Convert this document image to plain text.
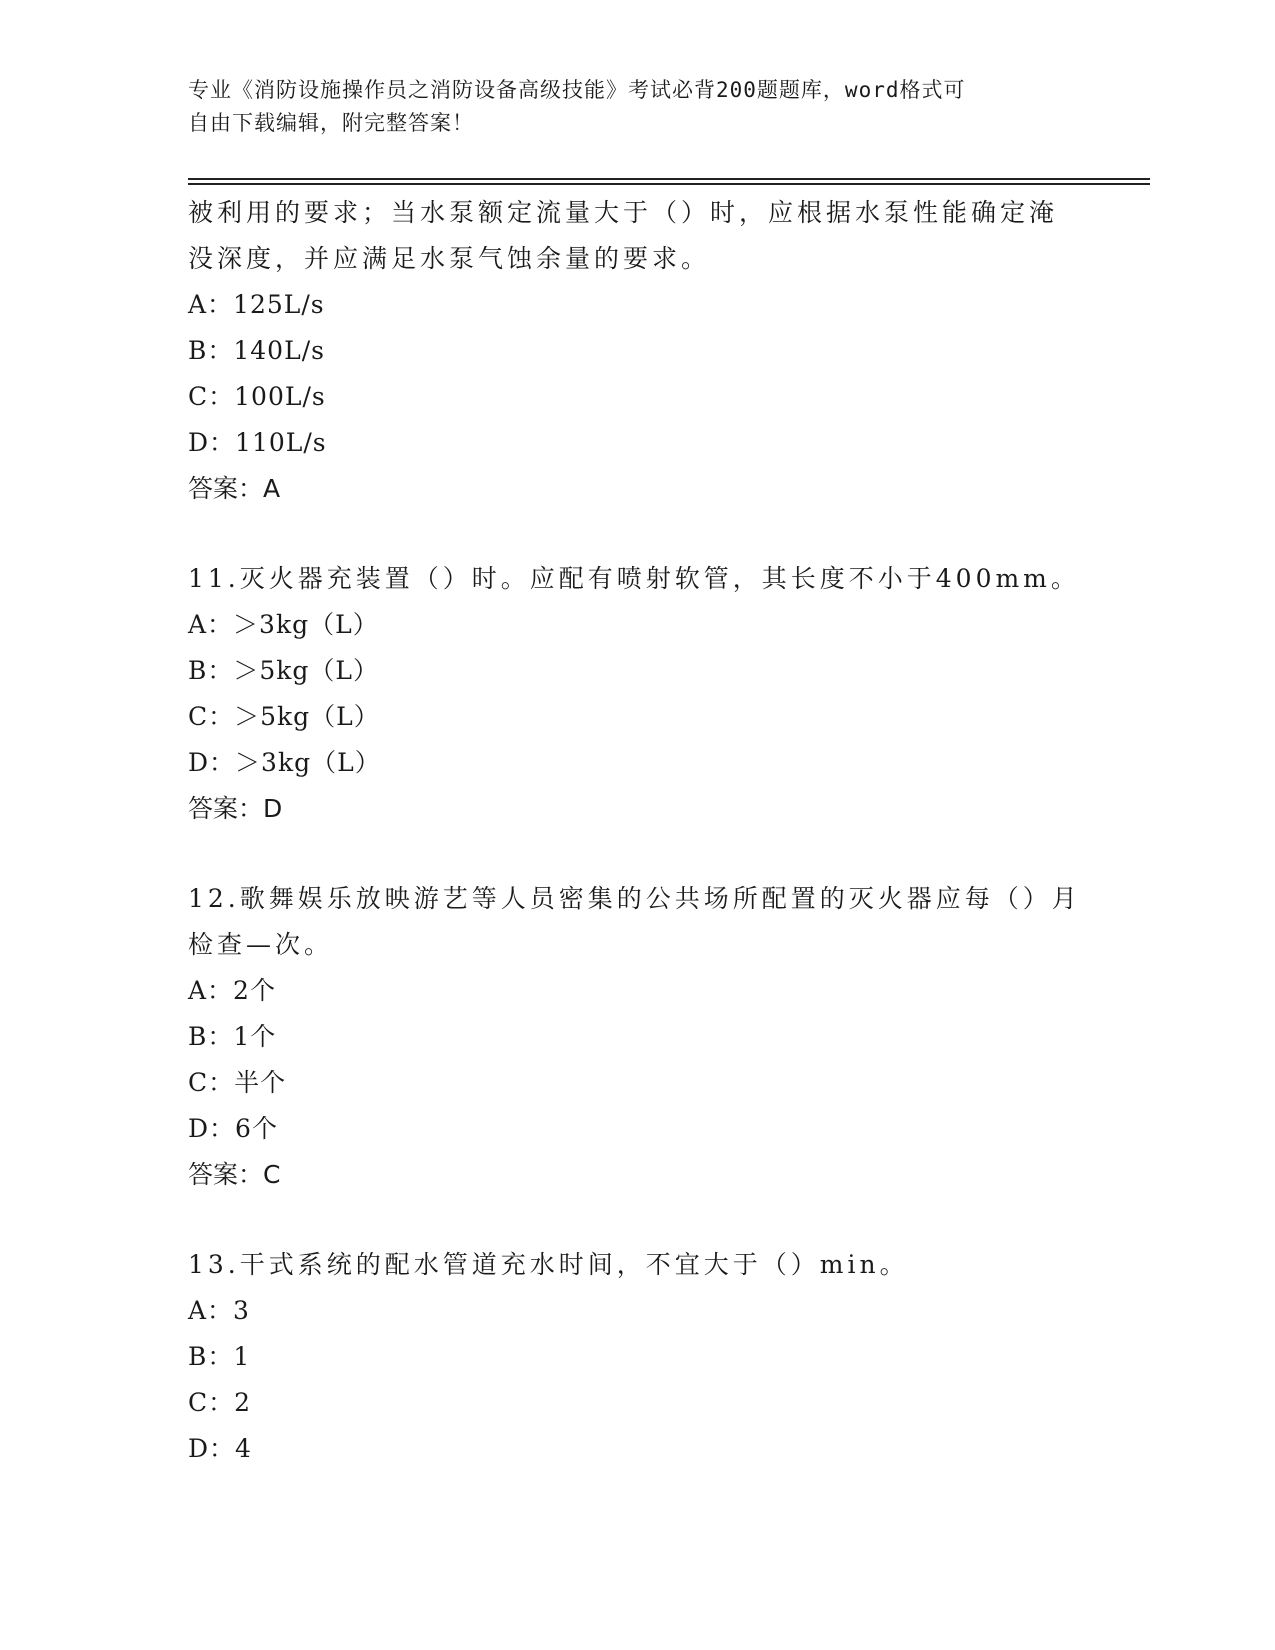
专业《消防设施操作员之消防设备高级技能》考试必背200题题库，word格式可
自由下载编辑，附完整答案！
被利用的要求；当水泵额定流量大于（）时，应根据水泵性能确定淹
没深度，并应满足水泵气蚀余量的要求。
A：125L/s
B：140L/s
C：100L/s
D：110L/s
答案：A
11.灭火器充装置（）时。应配有喷射软管，其长度不小于400mm。
A：＞3kg（L）
B：＞5kg（L）
C：＞5kg（L）
D：＞3kg（L）
答案：D
12.歌舞娱乐放映游艺等人员密集的公共场所配置的灭火器应每（）月
检查—次。
A：2个
B：1个
C：半个
D：6个
答案：C
13.干式系统的配水管道充水时间，不宜大于（）min。
A：3
B：1
C：2
D：4
